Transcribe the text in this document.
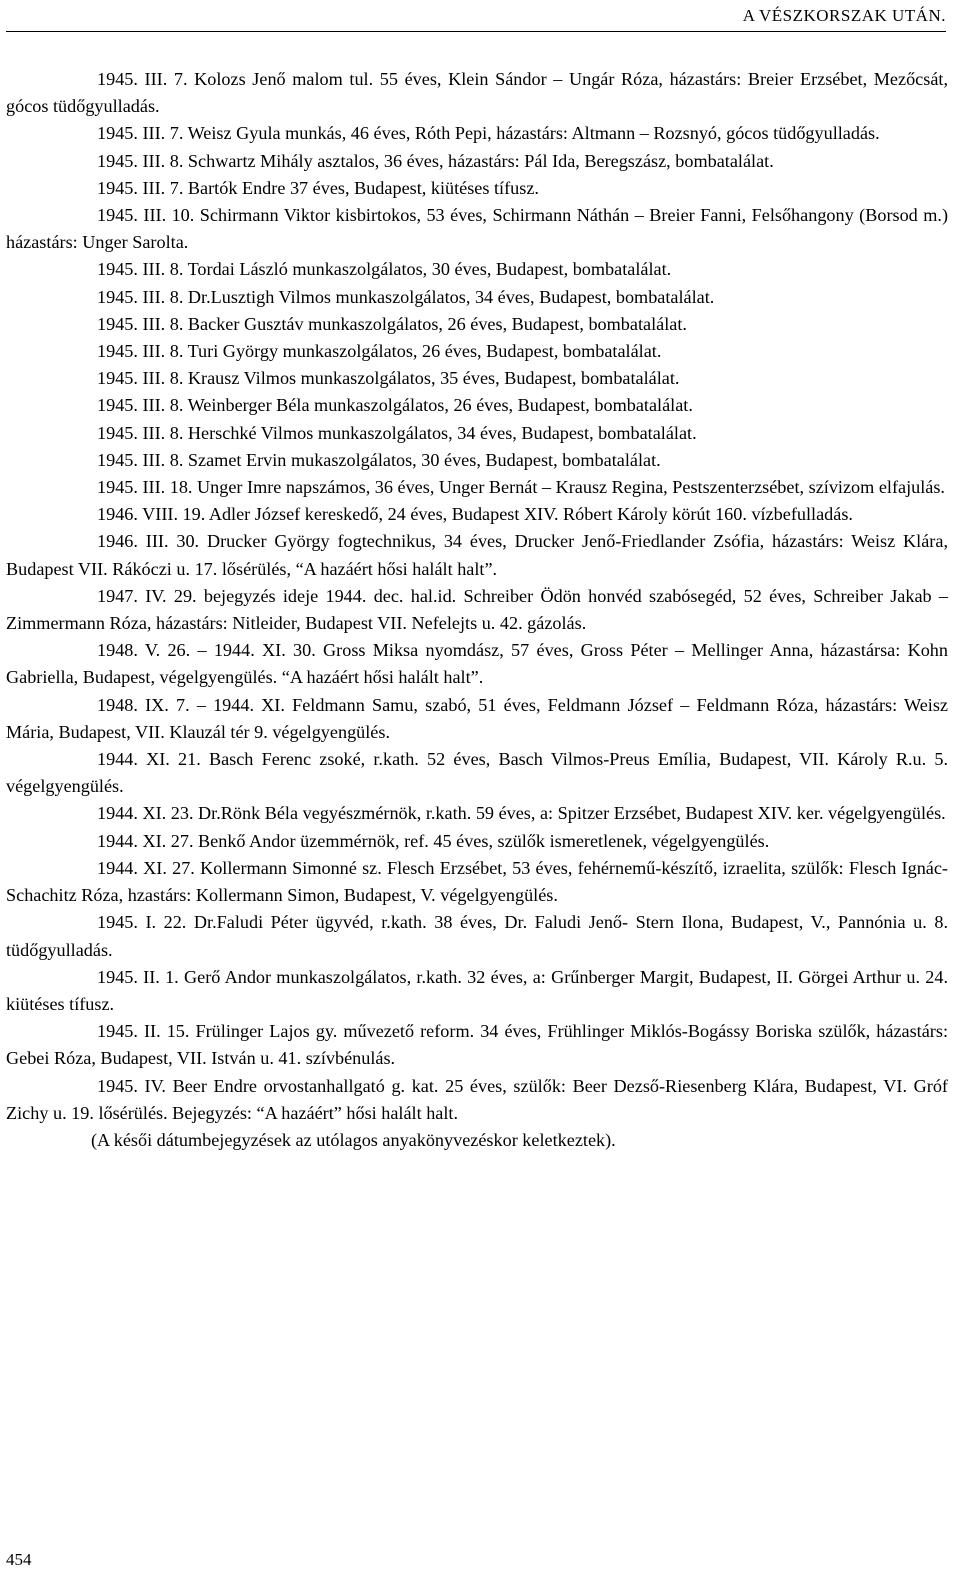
A VÉSZKORSZAK UTÁN.

1945. III. 7. Kolozs Jenő malom tul. 55 éves, Klein Sándor – Ungár Róza, házastárs: Breier Erzsébet, Mezőcsát, gócos tüdőgyulladás.

1945. III. 7. Weisz Gyula munkás, 46 éves, Róth Pepi, házastárs: Altmann – Rozsnyó, gócos tüdőgyulladás.

1945. III. 8. Schwartz Mihály asztalos, 36 éves, házastárs: Pál Ida, Beregszász, bombatalálat.

1945. III. 7. Bartók Endre 37 éves, Budapest, kiütéses tífusz.

1945. III. 10. Schirmann Viktor kisbirtokos, 53 éves, Schirmann Náthán – Breier Fanni, Felsőhangony (Borsod m.) házastárs: Unger Sarolta.

1945. III. 8. Tordai László munkaszolgálatos, 30 éves, Budapest, bombatalálat.

1945. III. 8. Dr.Lusztigh Vilmos munkaszolgálatos, 34 éves, Budapest, bombatalálat.

1945. III. 8. Backer Gusztáv munkaszolgálatos, 26 éves, Budapest, bombatalálat.

1945. III. 8. Turi György munkaszolgálatos, 26 éves, Budapest, bombatalálat.

1945. III. 8. Krausz Vilmos munkaszolgálatos, 35 éves, Budapest, bombatalálat.

1945. III. 8. Weinberger Béla munkaszolgálatos, 26 éves, Budapest, bombatalálat.

1945. III. 8. Herschké Vilmos munkaszolgálatos, 34 éves, Budapest, bombatalálat.

1945. III. 8. Szamet Ervin mukaszolgálatos, 30 éves, Budapest, bombatalálat.

1945. III. 18. Unger Imre napszámos, 36 éves, Unger Bernát – Krausz Regina, Pestszenterzsébet, szívizom elfajulás.

1946. VIII. 19. Adler József kereskedő, 24 éves, Budapest XIV. Róbert Károly körút 160. vízbefulladás.

1946. III. 30. Drucker György fogtechnikus, 34 éves, Drucker Jenő-Friedlander Zsófia, házastárs: Weisz Klára, Budapest VII. Rákóczi u. 17. lősérülés, “A hazáért hősi halált halt”.

1947. IV. 29. bejegyzés ideje 1944. dec. hal.id. Schreiber Ödön honvéd szabósegéd, 52 éves, Schreiber Jakab – Zimmermann Róza, házastárs: Nitleider, Budapest VII. Nefelejts u. 42. gázolás.

1948. V. 26. – 1944. XI. 30. Gross Miksa nyomdász, 57 éves, Gross Péter – Mellinger Anna, házastársa: Kohn Gabriella, Budapest, végelgyengülés. “A hazáért hősi halált halt”.

1948. IX. 7. – 1944. XI. Feldmann Samu, szabó, 51 éves, Feldmann József – Feldmann Róza, házastárs: Weisz Mária, Budapest, VII. Klauzál tér 9. végelgyengülés.

1944. XI. 21. Basch Ferenc zsoké, r.kath. 52 éves, Basch Vilmos-Preus Emília, Budapest, VII. Károly R.u. 5. végelgyengülés.

1944. XI. 23. Dr.Rönk Béla vegyészmérnök, r.kath. 59 éves, a: Spitzer Erzsébet, Budapest XIV. ker. végelgyengülés.

1944. XI. 27. Benkő Andor üzemmérnök, ref. 45 éves, szülők ismeretlenek, végelgyengülés.

1944. XI. 27. Kollermann Simonné sz. Flesch Erzsébet, 53 éves, fehérnemű-készítő, izraelita, szülők: Flesch Ignác-Schachitz Róza, hzastárs: Kollermann Simon, Budapest, V. végelgyengülés.

1945. I. 22. Dr.Faludi Péter ügyvéd, r.kath. 38 éves, Dr. Faludi Jenő- Stern Ilona, Budapest, V., Pannónia u. 8. tüdőgyulladás.

1945. II. 1. Gerő Andor munkaszolgálatos, r.kath. 32 éves, a: Grűnberger Margit, Budapest, II. Görgei Arthur u. 24. kiütéses tífusz.

1945. II. 15. Frülinger Lajos gy. művezető reform. 34 éves, Frühlinger Miklós-Bogássy Boriska szülők, házastárs: Gebei Róza, Budapest, VII. István u. 41. szívbénulás.

1945. IV. Beer Endre orvostanhallgató g. kat. 25 éves, szülők: Beer Dezső-Riesenberg Klára, Budapest, VI. Gróf Zichy u. 19. lősérülés. Bejegyzés: “A hazáért” hősi halált halt.

(A késői dátumbejegyzések az utólagos anyakönyvezéskor keletkeztek).

454
